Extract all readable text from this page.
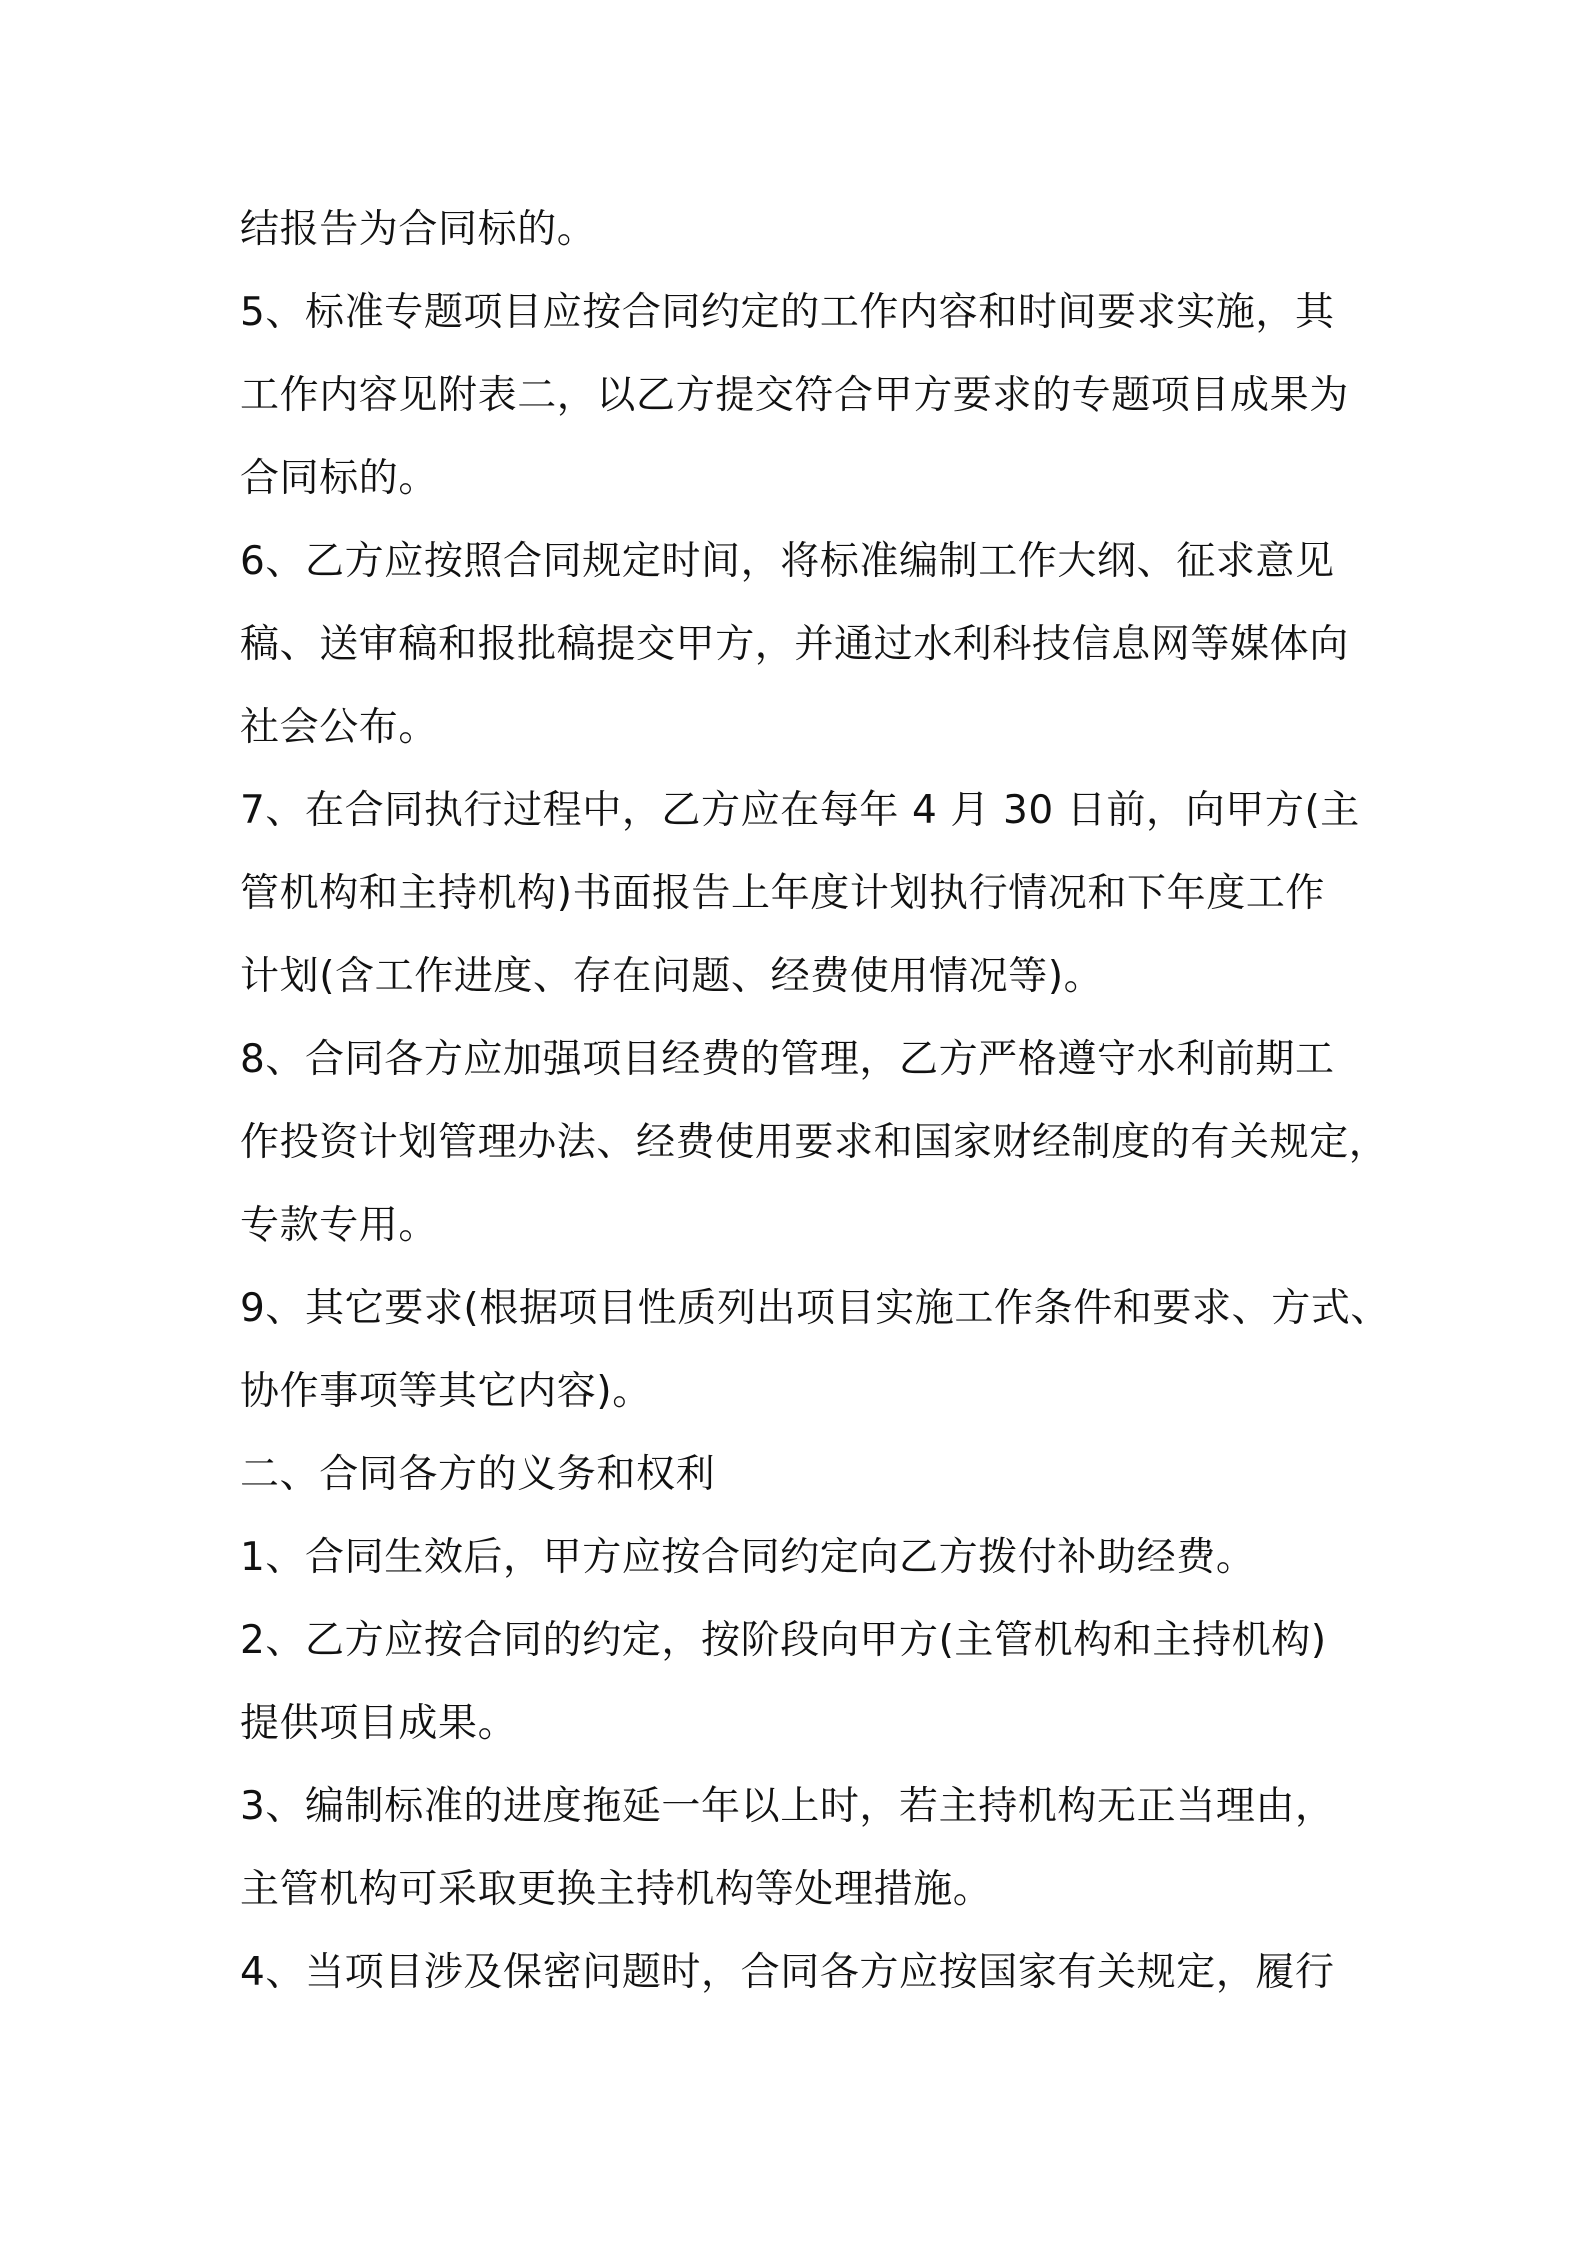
结报告为合同标的。
5、标准专题项目应按合同约定的工作内容和时间要求实施，其
工作内容见附表二，以乙方提交符合甲方要求的专题项目成果为
合同标的。
6、乙方应按照合同规定时间，将标准编制工作大纲、征求意见
稿、送审稿和报批稿提交甲方，并通过水利科技信息网等媒体向
社会公布。
7、在合同执行过程中，乙方应在每年 4 月 30 日前，向甲方(主
管机构和主持机构)书面报告上年度计划执行情况和下年度工作
计划(含工作进度、存在问题、经费使用情况等)。
8、合同各方应加强项目经费的管理，乙方严格遵守水利前期工
作投资计划管理办法、经费使用要求和国家财经制度的有关规定，
专款专用。
9、其它要求(根据项目性质列出项目实施工作条件和要求、方式、
协作事项等其它内容)。
二、合同各方的义务和权利
1、合同生效后，甲方应按合同约定向乙方拨付补助经费。
2、乙方应按合同的约定，按阶段向甲方(主管机构和主持机构)
提供项目成果。
3、编制标准的进度拖延一年以上时，若主持机构无正当理由，
主管机构可采取更换主持机构等处理措施。
4、当项目涉及保密问题时，合同各方应按国家有关规定，履行
